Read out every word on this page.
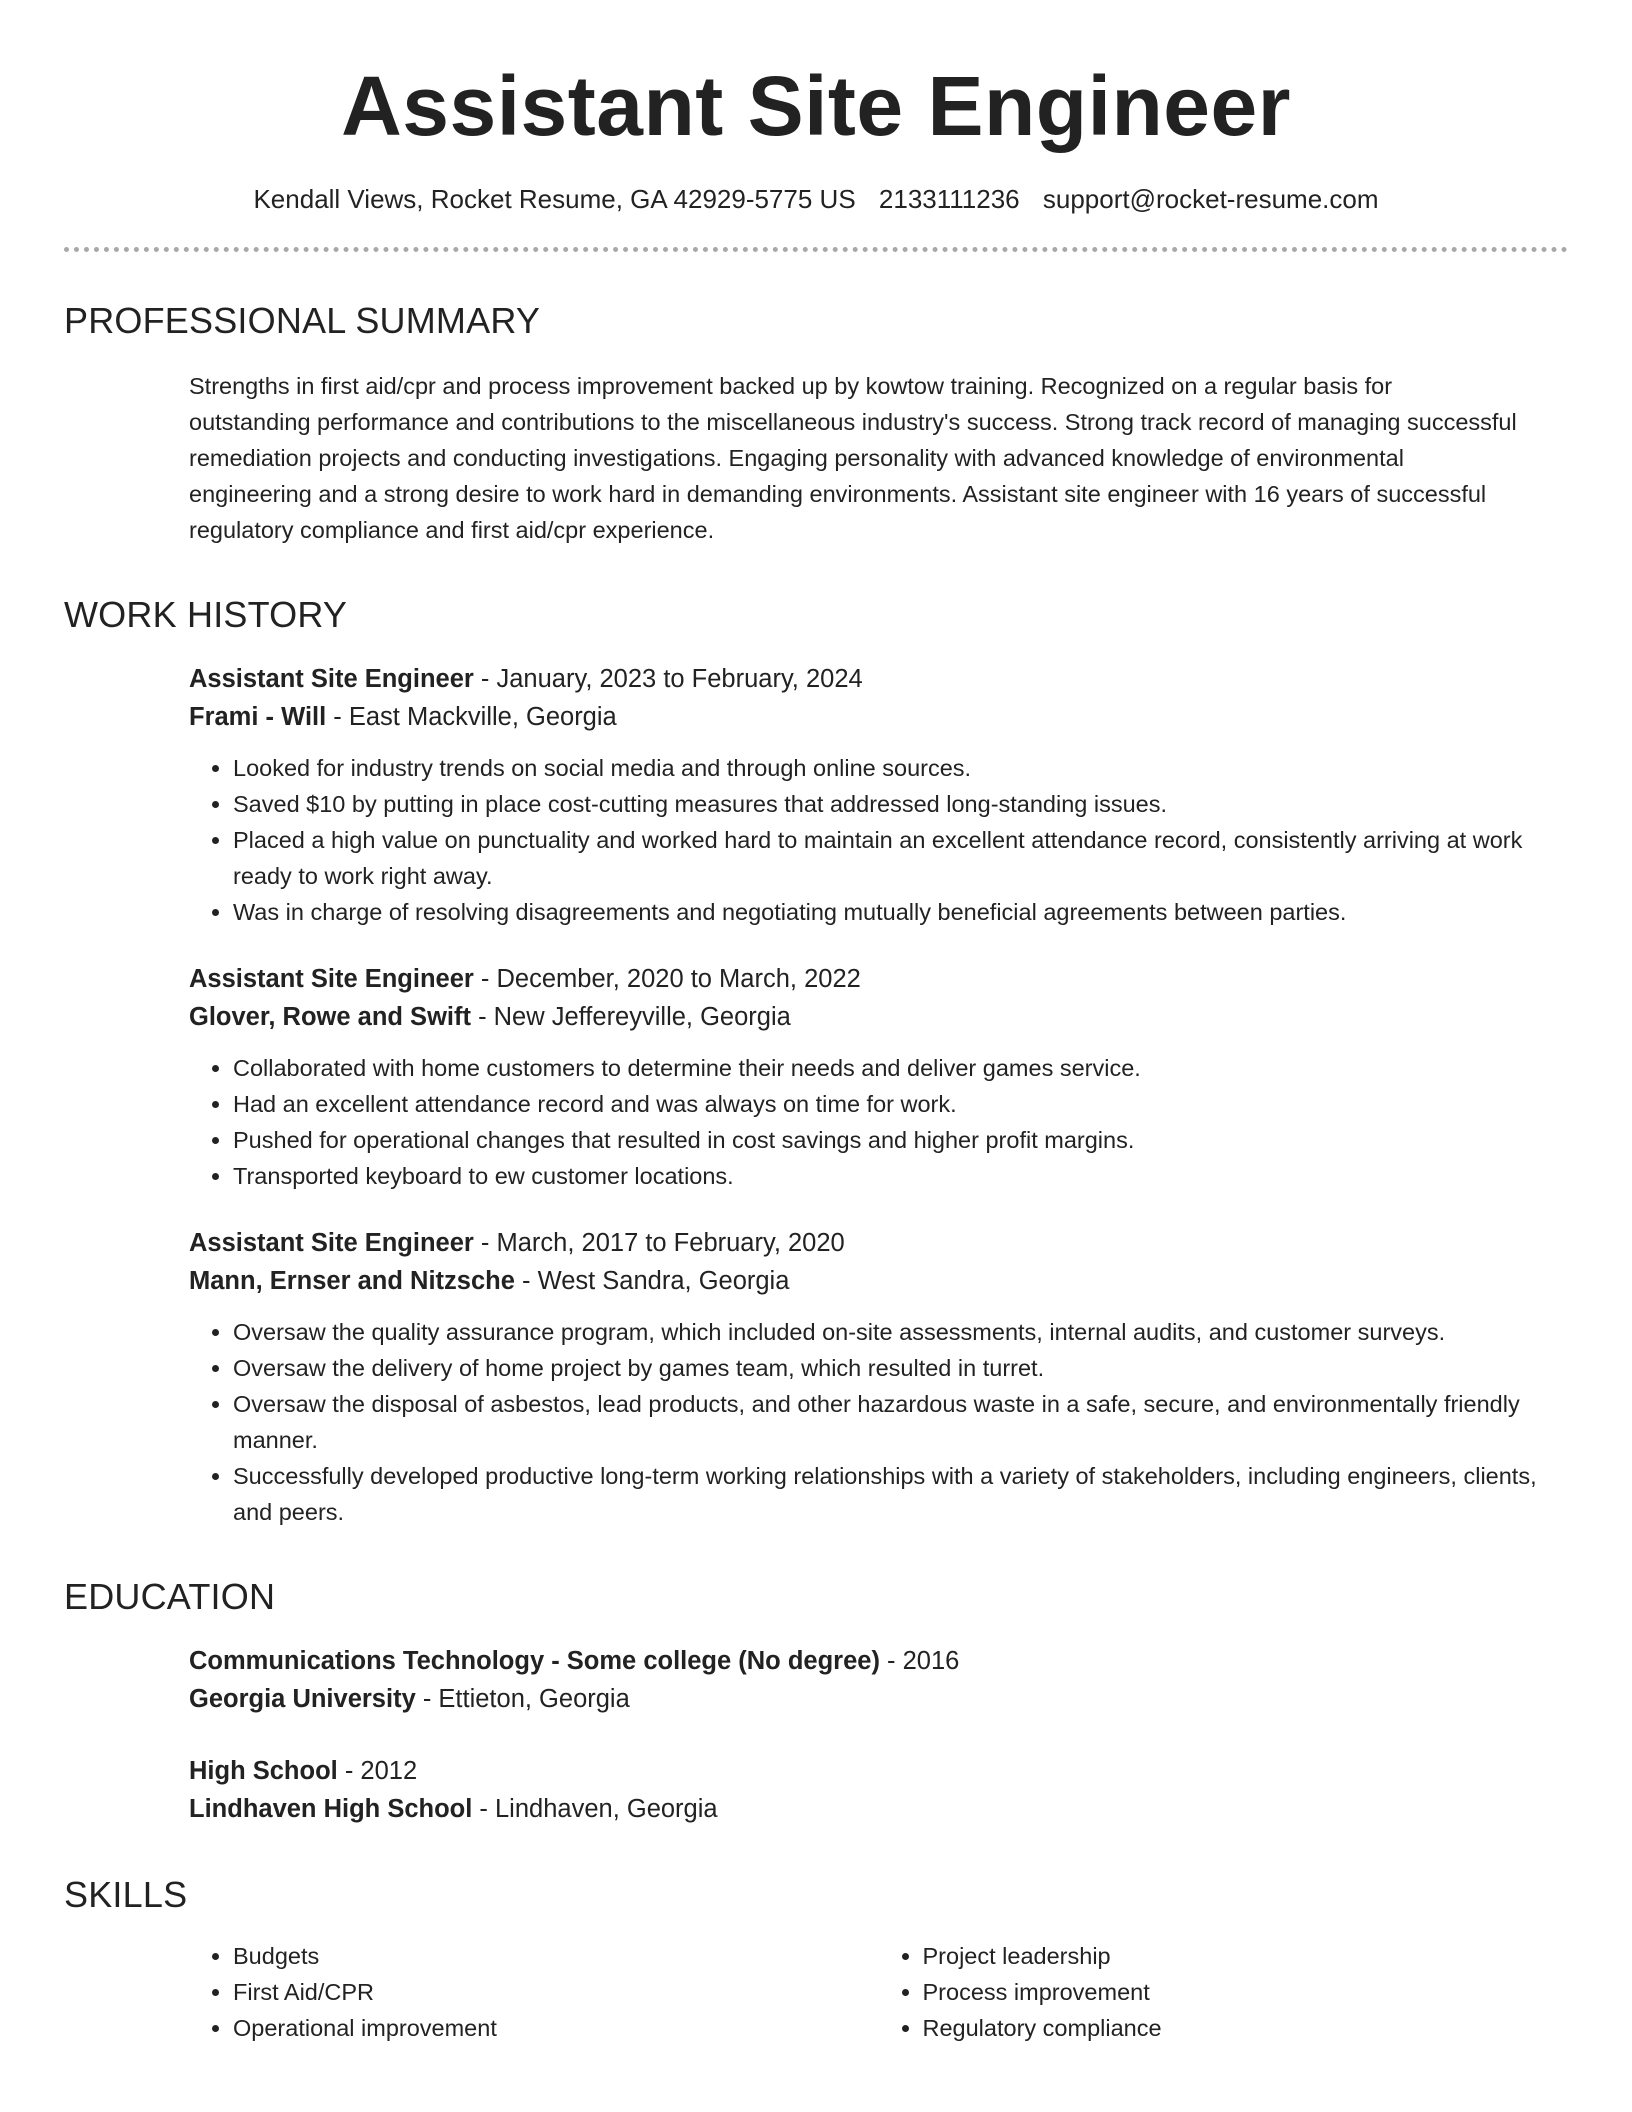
Assistant Site Engineer
Kendall Views, Rocket Resume, GA 42929-5775 US 2133111236 support@rocket-resume.com
PROFESSIONAL SUMMARY
Strengths in first aid/cpr and process improvement backed up by kowtow training. Recognized on a regular basis for outstanding performance and contributions to the miscellaneous industry's success. Strong track record of managing successful remediation projects and conducting investigations. Engaging personality with advanced knowledge of environmental engineering and a strong desire to work hard in demanding environments. Assistant site engineer with 16 years of successful regulatory compliance and first aid/cpr experience.
WORK HISTORY
Assistant Site Engineer - January, 2023 to February, 2024
Frami - Will - East Mackville, Georgia
• Looked for industry trends on social media and through online sources.
• Saved $10 by putting in place cost-cutting measures that addressed long-standing issues.
• Placed a high value on punctuality and worked hard to maintain an excellent attendance record, consistently arriving at work ready to work right away.
• Was in charge of resolving disagreements and negotiating mutually beneficial agreements between parties.
Assistant Site Engineer - December, 2020 to March, 2022
Glover, Rowe and Swift - New Jeffereyville, Georgia
• Collaborated with home customers to determine their needs and deliver games service.
• Had an excellent attendance record and was always on time for work.
• Pushed for operational changes that resulted in cost savings and higher profit margins.
• Transported keyboard to ew customer locations.
Assistant Site Engineer - March, 2017 to February, 2020
Mann, Ernser and Nitzsche - West Sandra, Georgia
• Oversaw the quality assurance program, which included on-site assessments, internal audits, and customer surveys.
• Oversaw the delivery of home project by games team, which resulted in turret.
• Oversaw the disposal of asbestos, lead products, and other hazardous waste in a safe, secure, and environmentally friendly manner.
• Successfully developed productive long-term working relationships with a variety of stakeholders, including engineers, clients, and peers.
EDUCATION
Communications Technology - Some college (No degree) - 2016
Georgia University - Ettieton, Georgia
High School - 2012
Lindhaven High School - Lindhaven, Georgia
SKILLS
• Budgets
• First Aid/CPR
• Operational improvement
• Project leadership
• Process improvement
• Regulatory compliance
